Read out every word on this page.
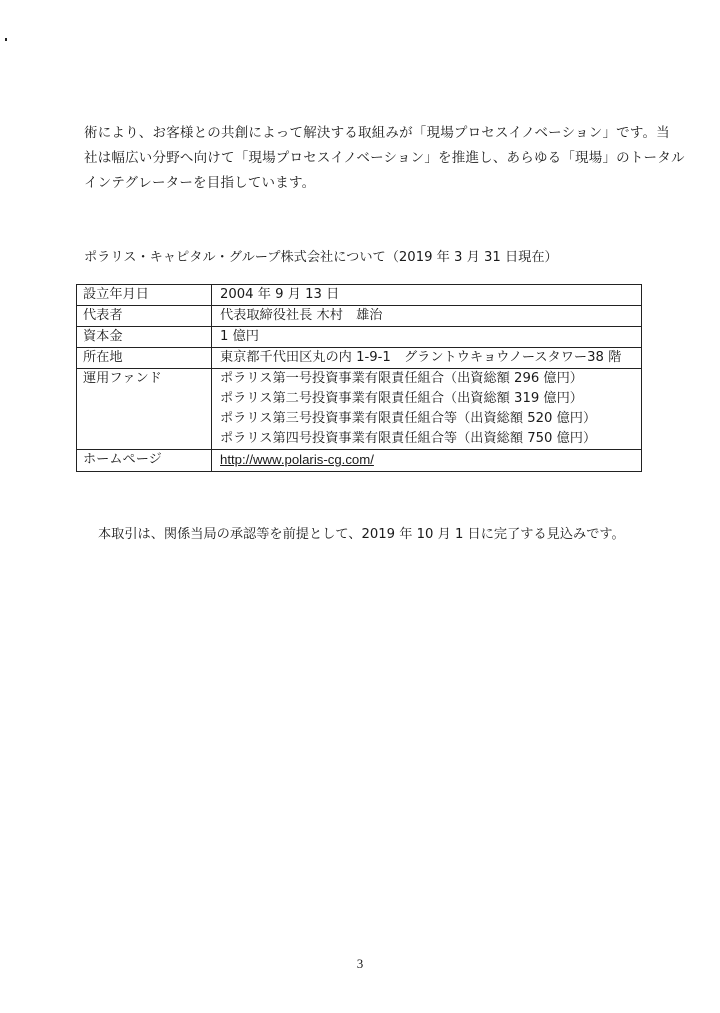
術により、お客様との共創によって解決する取組みが「現場プロセスイノベーション」です。当
社は幅広い分野へ向けて「現場プロセスイノベーション」を推進し、あらゆる「現場」のトータル
インテグレーターを目指しています。
ポラリス・キャピタル・グループ株式会社について（2019 年 3 月 31 日現在）
設立年月日	2004 年 9 月 13 日
代表者	代表取締役社長 木村　雄治
資本金	1 億円
所在地	東京都千代田区丸の内 1-9-1　グラントウキョウノースタワー38 階
運用ファンド	ポラリス第一号投資事業有限責任組合（出資総額 296 億円）
ポラリス第二号投資事業有限責任組合（出資総額 319 億円）
ポラリス第三号投資事業有限責任組合等（出資総額 520 億円）
ポラリス第四号投資事業有限責任組合等（出資総額 750 億円）

ホームページ	http://www.polaris-cg.com/
本取引は、関係当局の承認等を前提として、2019 年 10 月 1 日に完了する見込みです。
3
